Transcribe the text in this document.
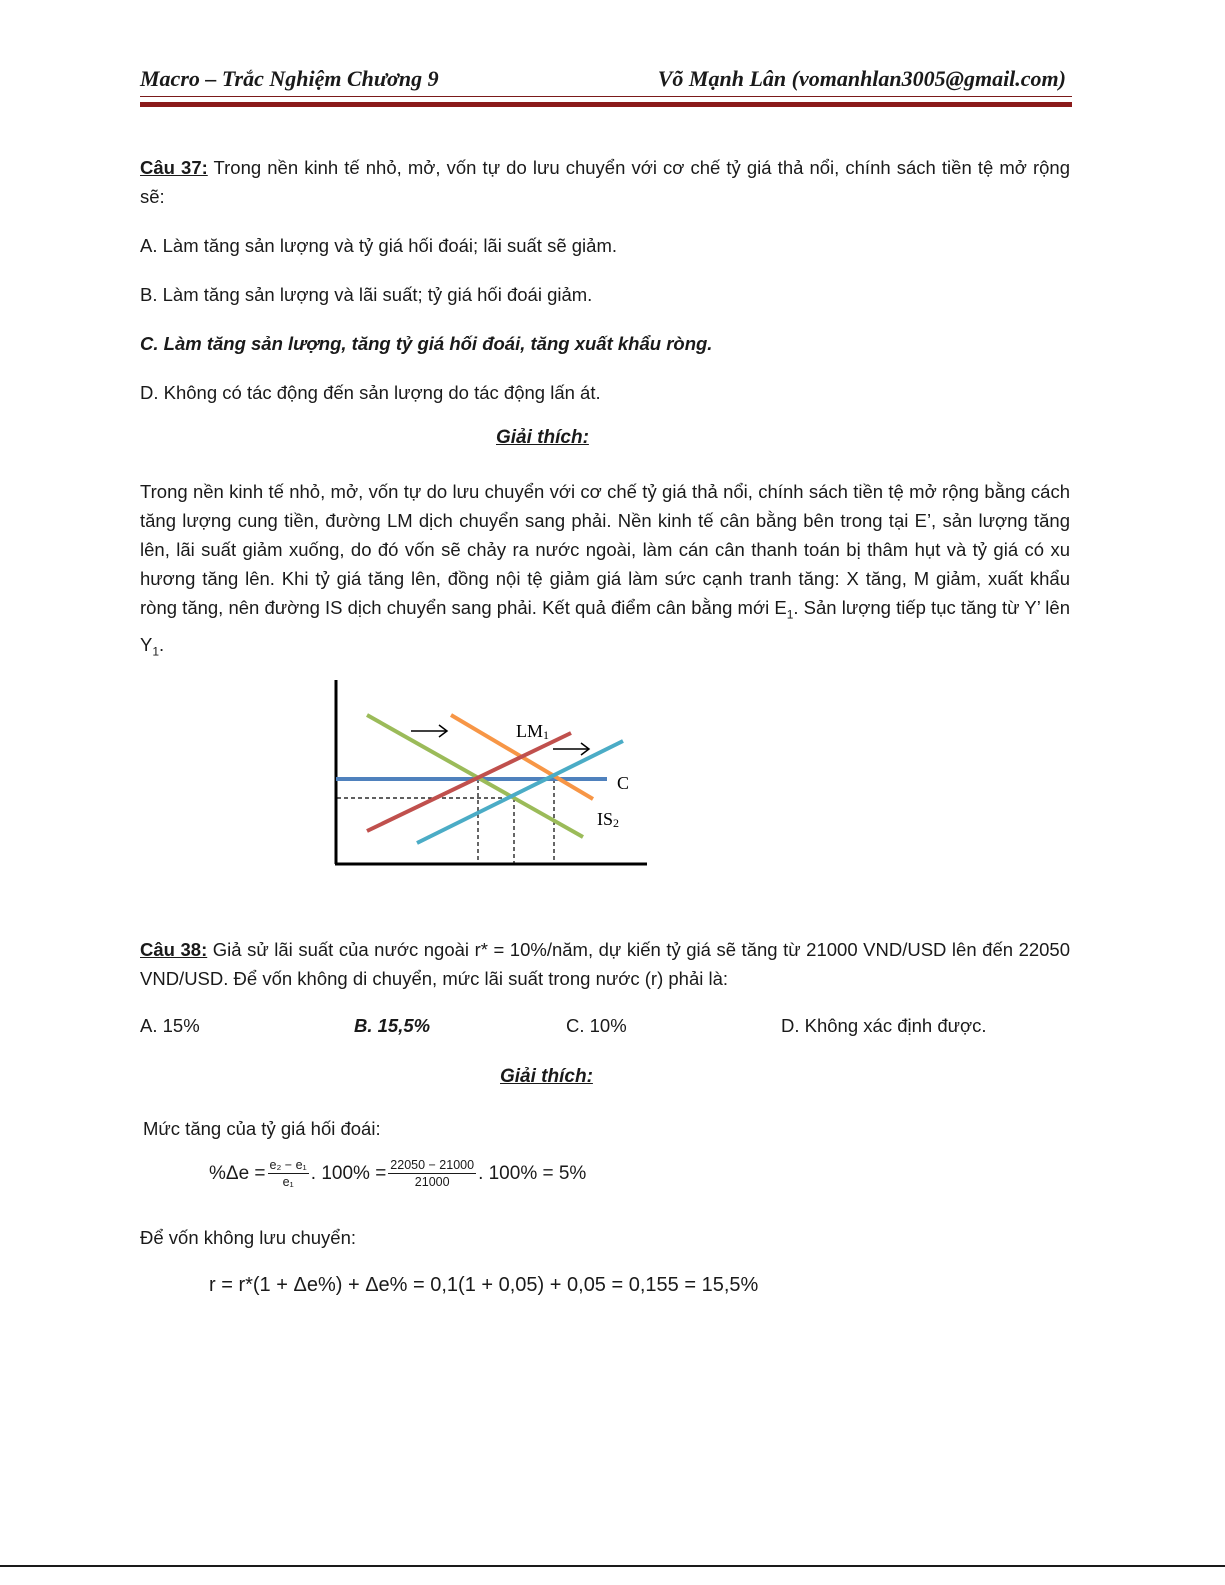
Macro – Trắc Nghiệm Chương 9	Võ Mạnh Lân (vomanhlan3005@gmail.com)
Câu 37: Trong nền kinh tế nhỏ, mở, vốn tự do lưu chuyển với cơ chế tỷ giá thả nổi, chính sách tiền tệ mở rộng sẽ:
A. Làm tăng sản lượng và tỷ giá hối đoái; lãi suất sẽ giảm.
B. Làm tăng sản lượng và lãi suất; tỷ giá hối đoái giảm.
C. Làm tăng sản lượng, tăng tỷ giá hối đoái, tăng xuất khẩu ròng.
D. Không có tác động đến sản lượng do tác động lấn át.
Giải thích:
Trong nền kinh tế nhỏ, mở, vốn tự do lưu chuyển với cơ chế tỷ giá thả nổi, chính sách tiền tệ mở rộng bằng cách tăng lượng cung tiền, đường LM dịch chuyển sang phải. Nền kinh tế cân bằng bên trong tại E’, sản lượng tăng lên, lãi suất giảm xuống, do đó vốn sẽ chảy ra nước ngoài, làm cán cân thanh toán bị thâm hụt và tỷ giá có xu hương tăng lên. Khi tỷ giá tăng lên, đồng nội tệ giảm giá làm sức cạnh tranh tăng: X tăng, M giảm, xuất khẩu ròng tăng, nên đường IS dịch chuyển sang phải. Kết quả điểm cân bằng mới $E_1$. Sản lượng tiếp tục tăng từ Y’ lên $Y_1$.
LM1
C
IS2
Câu 38: Giả sử lãi suất của nước ngoài r* = 10%/năm, dự kiến tỷ giá sẽ tăng từ 21000 VND/USD lên đến 22050 VND/USD. Để vốn không di chuyển, mức lãi suất trong nước (r) phải là:
A. 15%	B. 15,5%	C. 10%	D. Không xác định được.
Giải thích:
Mức tăng của tỷ giá hối đoái:
$\%\Delta e = \frac{\text{e₂ − e₁}}{\text{e₁}}$ . $100\% = \frac{22050 - 21000}{21000}$ . 100% = 5%
Để vốn không lưu chuyển:
r = r*(1 + Δe%) + Δe% = 0,1(1 + 0,05) + 0,05 = 0,155 = 15,5%
